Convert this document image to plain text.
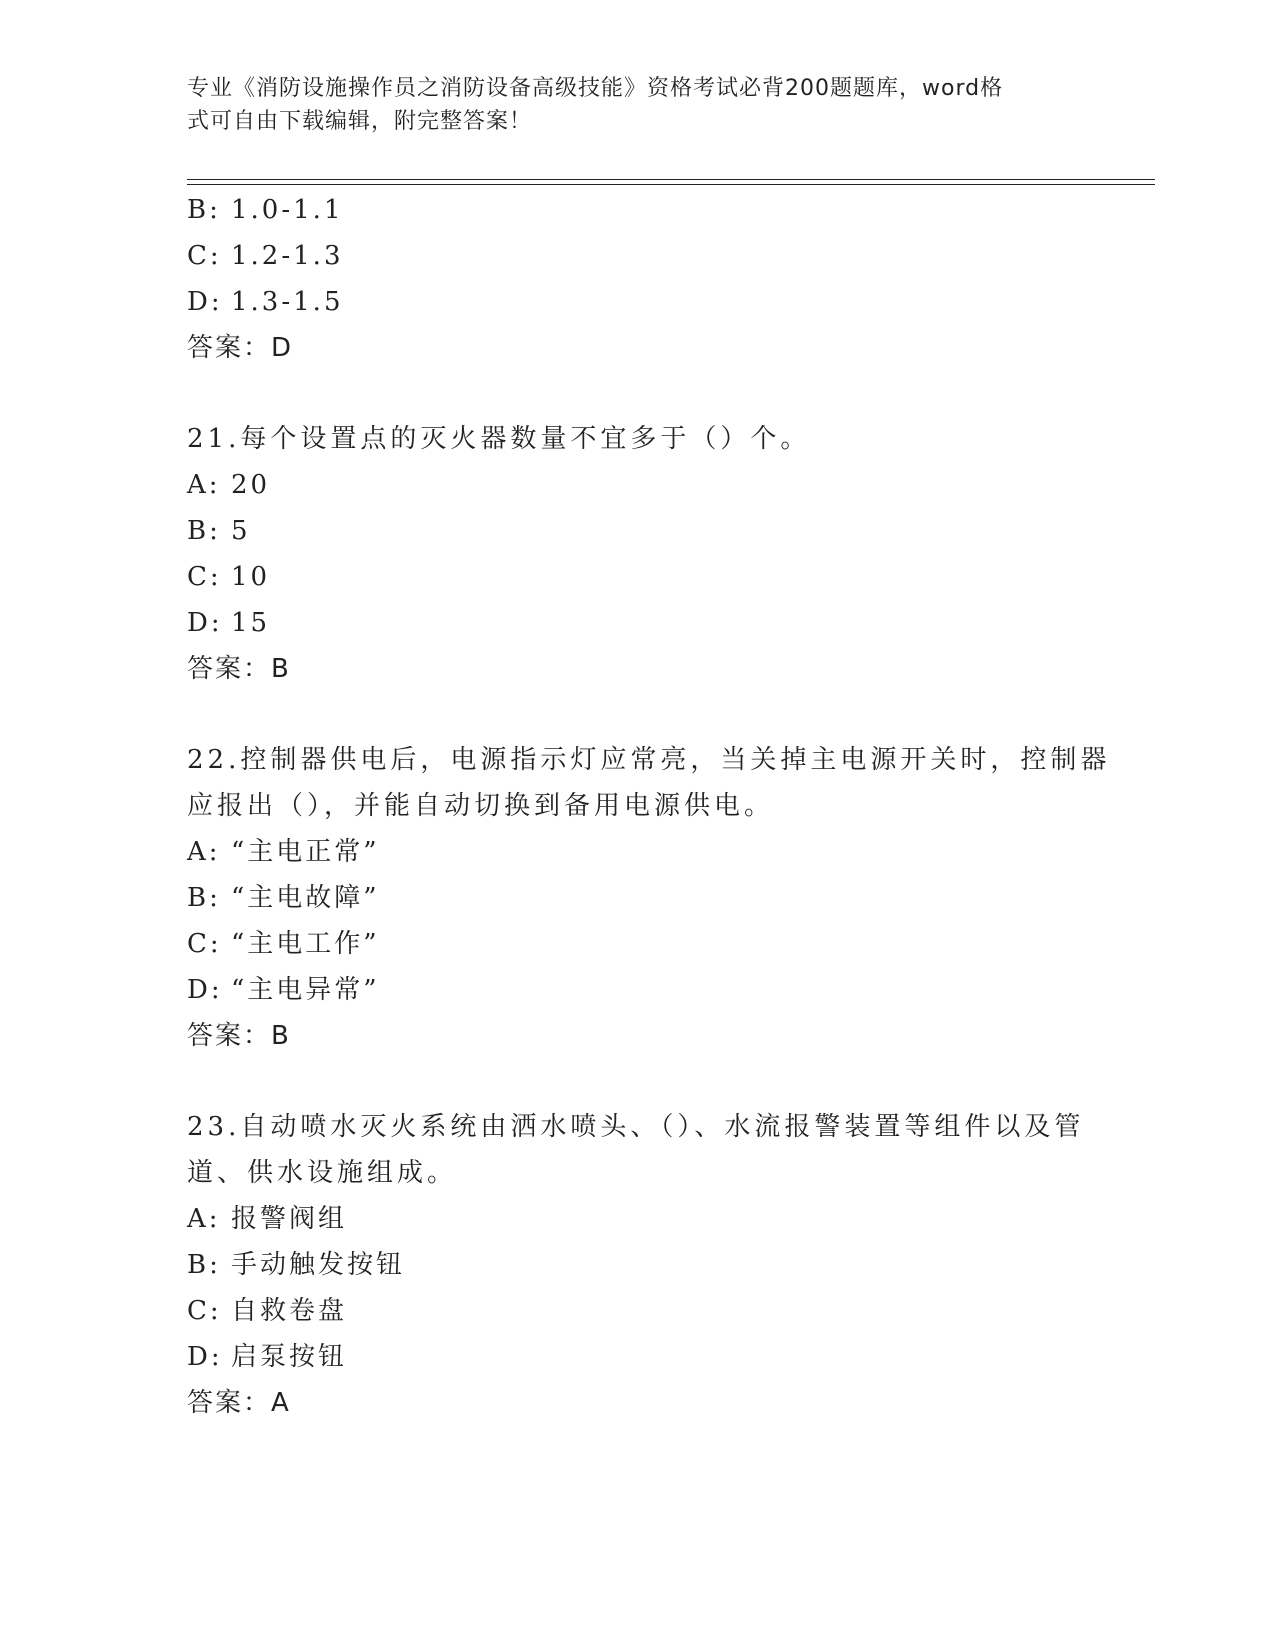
专业《消防设施操作员之消防设备高级技能》资格考试必背200题题库，word格
式可自由下载编辑，附完整答案！
B: 1.0-1.1
C: 1.2-1.3
D: 1.3-1.5
答案：D
21.每个设置点的灭火器数量不宜多于（）个。
A: 20
B: 5
C: 10
D: 15
答案：B
22.控制器供电后，电源指示灯应常亮，当关掉主电源开关时，控制器
应报出（），并能自动切换到备用电源供电。
A: “主电正常”
B: “主电故障”
C: “主电工作”
D: “主电异常”
答案：B
23.自动喷水灭火系统由洒水喷头、（）、水流报警装置等组件以及管
道、供水设施组成。
A: 报警阀组
B: 手动触发按钮
C: 自救卷盘
D: 启泵按钮
答案：A
